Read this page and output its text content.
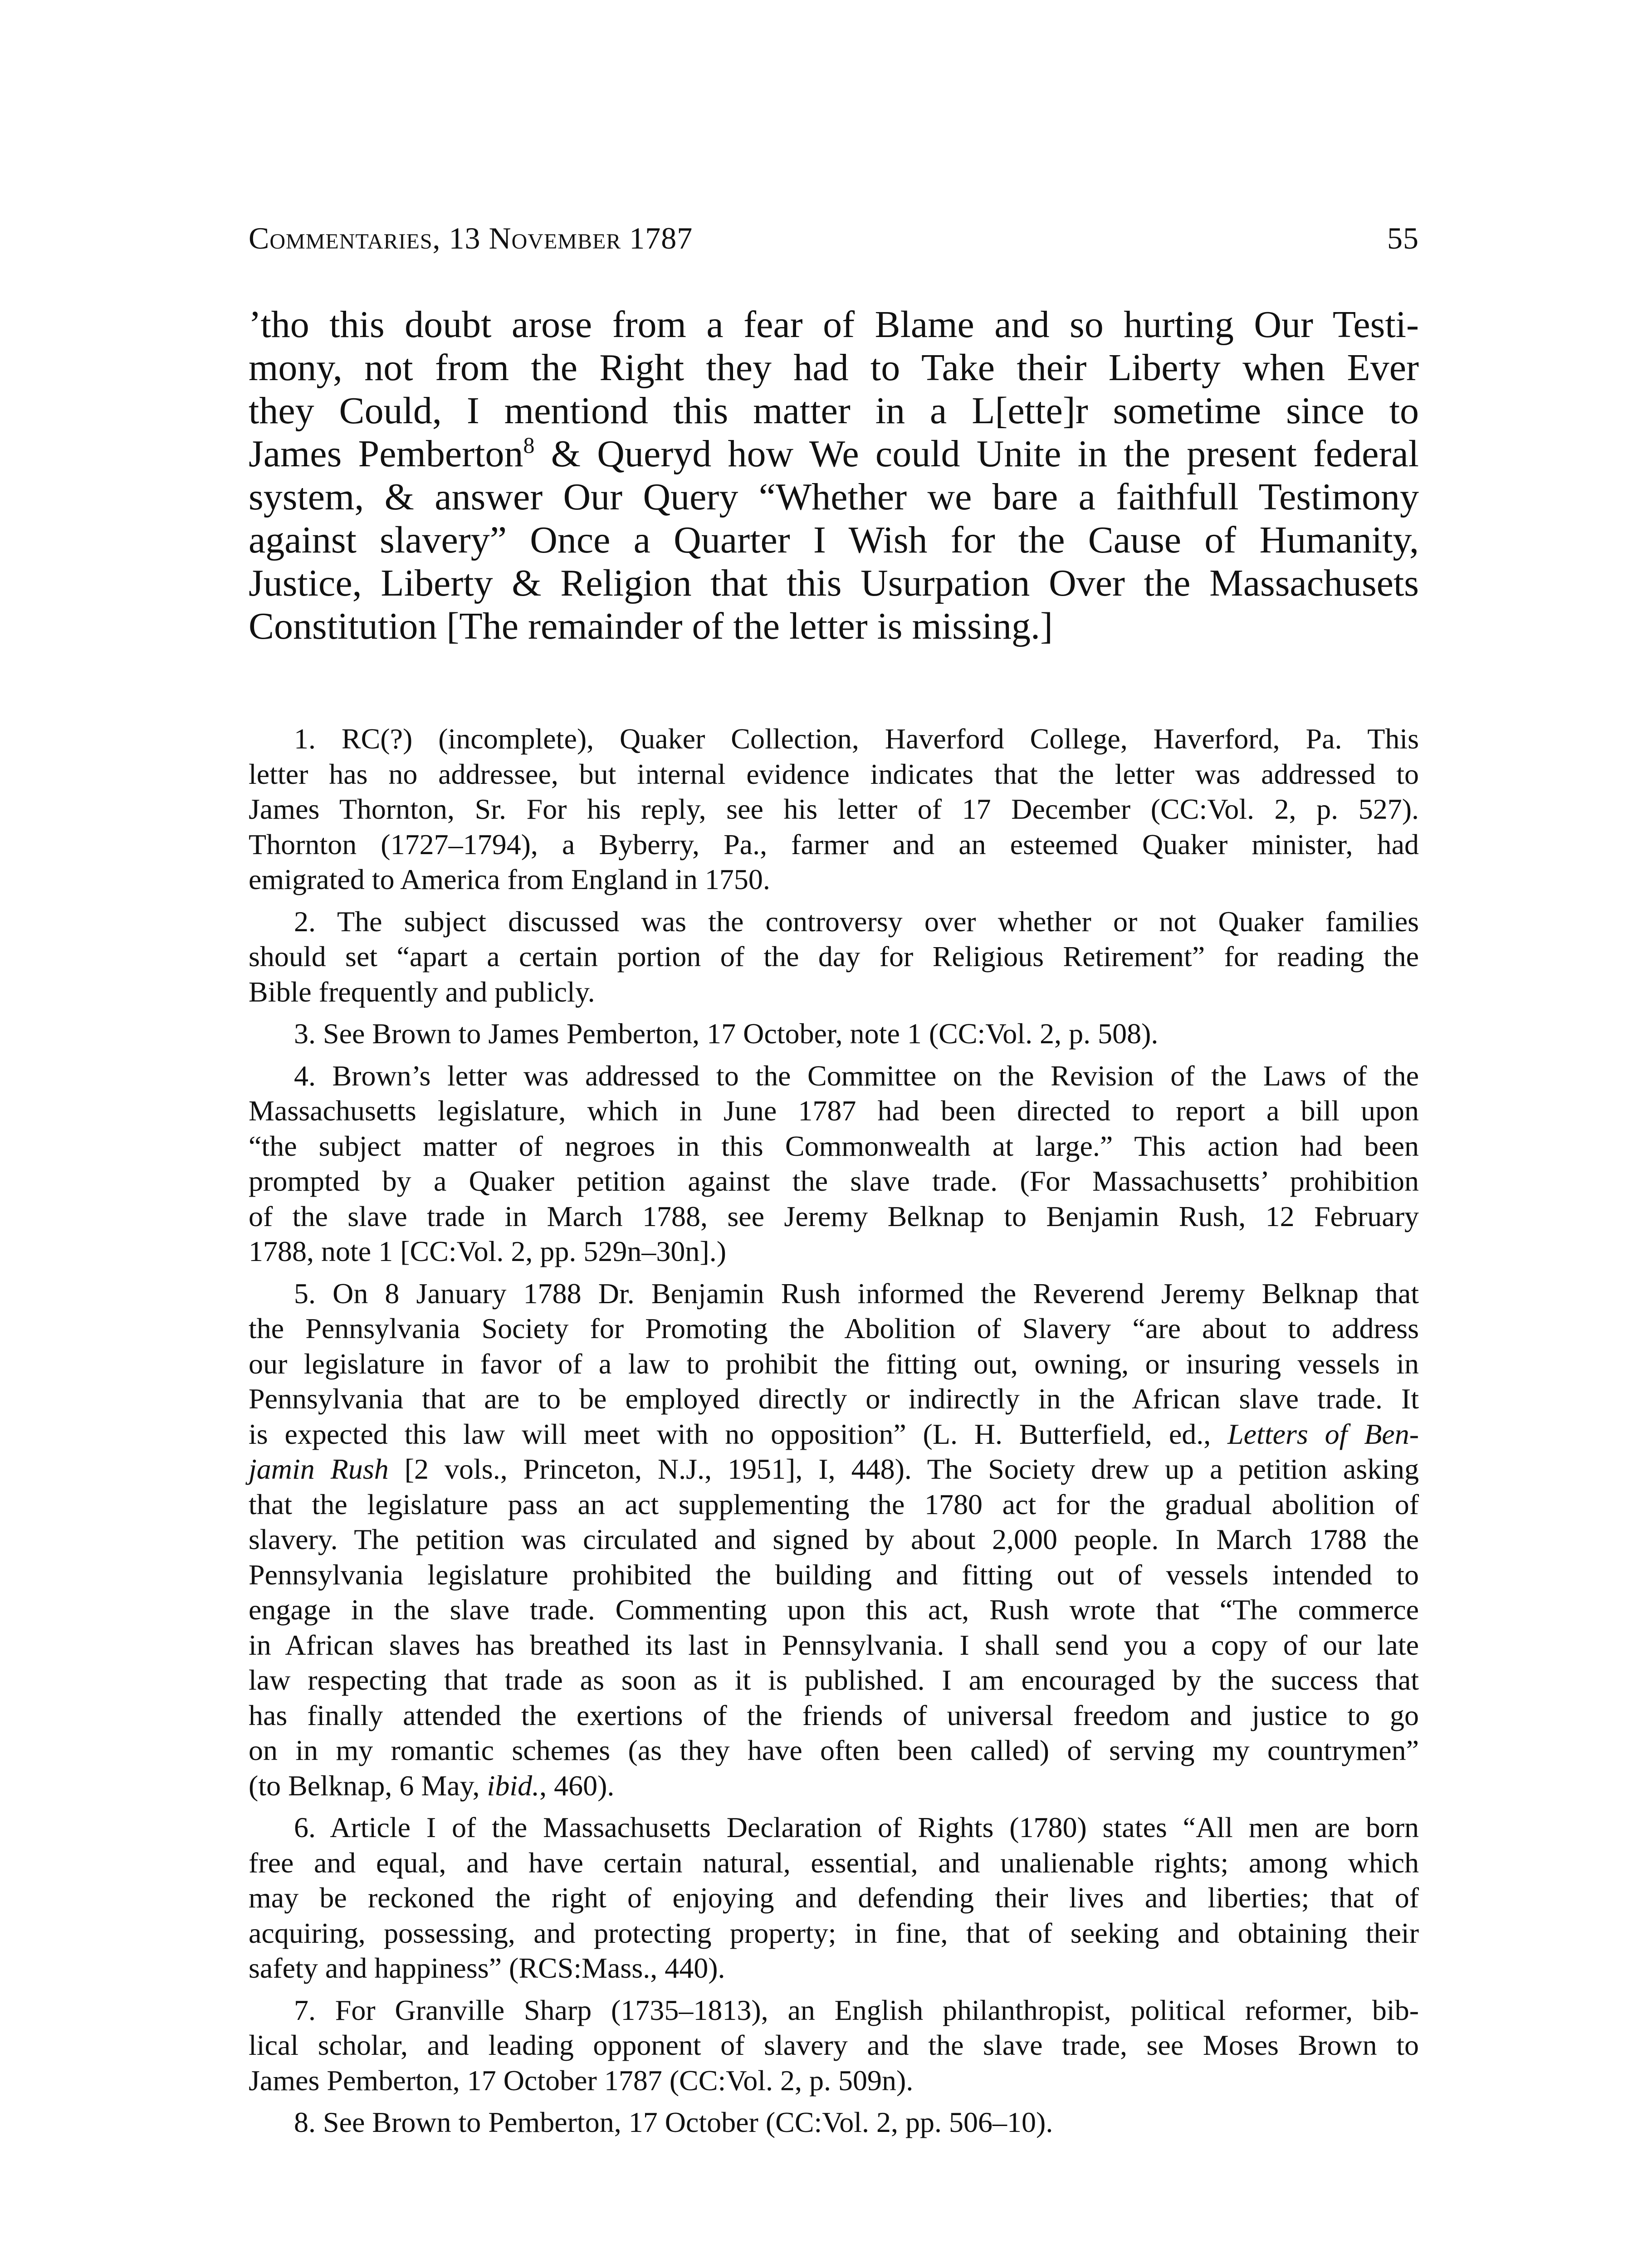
Commentaries, 13 November 1787	55
’tho this doubt arose from a fear of Blame and so hurting Our Testi-
mony, not from the Right they had to Take their Liberty when Ever
they Could, I mentiond this matter in a L[ette]r sometime since to
James Pemberton$^8$ & Queryd how We could Unite in the present federal
system, & answer Our Query “Whether we bare a faithfull Testimony
against slavery” Once a Quarter I Wish for the Cause of Humanity,
Justice, Liberty & Religion that this Usurpation Over the Massachusets
Constitution [The remainder of the letter is missing.]
1. RC(?) (incomplete), Quaker Collection, Haverford College, Haverford, Pa. This
letter has no addressee, but internal evidence indicates that the letter was addressed to
James Thornton, Sr. For his reply, see his letter of 17 December (CC:Vol. 2, p. 527).
Thornton (1727–1794), a Byberry, Pa., farmer and an esteemed Quaker minister, had
emigrated to America from England in 1750.
2. The subject discussed was the controversy over whether or not Quaker families
should set “apart a certain portion of the day for Religious Retirement” for reading the
Bible frequently and publicly.
3. See Brown to James Pemberton, 17 October, note 1 (CC:Vol. 2, p. 508).
4. Brown’s letter was addressed to the Committee on the Revision of the Laws of the
Massachusetts legislature, which in June 1787 had been directed to report a bill upon
“the subject matter of negroes in this Commonwealth at large.” This action had been
prompted by a Quaker petition against the slave trade. (For Massachusetts’ prohibition
of the slave trade in March 1788, see Jeremy Belknap to Benjamin Rush, 12 February
1788, note 1 [CC:Vol. 2, pp. 529n–30n].)
5. On 8 January 1788 Dr. Benjamin Rush informed the Reverend Jeremy Belknap that
the Pennsylvania Society for Promoting the Abolition of Slavery “are about to address
our legislature in favor of a law to prohibit the fitting out, owning, or insuring vessels in
Pennsylvania that are to be employed directly or indirectly in the African slave trade. It
is expected this law will meet with no opposition” (L. H. Butterfield, ed., Letters of Ben-
jamin Rush [2 vols., Princeton, N.J., 1951], I, 448). The Society drew up a petition asking
that the legislature pass an act supplementing the 1780 act for the gradual abolition of
slavery. The petition was circulated and signed by about 2,000 people. In March 1788 the
Pennsylvania legislature prohibited the building and fitting out of vessels intended to
engage in the slave trade. Commenting upon this act, Rush wrote that “The commerce
in African slaves has breathed its last in Pennsylvania. I shall send you a copy of our late
law respecting that trade as soon as it is published. I am encouraged by the success that
has finally attended the exertions of the friends of universal freedom and justice to go
on in my romantic schemes (as they have often been called) of serving my countrymen”
(to Belknap, 6 May, ibid., 460).
6. Article I of the Massachusetts Declaration of Rights (1780) states “All men are born
free and equal, and have certain natural, essential, and unalienable rights; among which
may be reckoned the right of enjoying and defending their lives and liberties; that of
acquiring, possessing, and protecting property; in fine, that of seeking and obtaining their
safety and happiness” (RCS:Mass., 440).
7. For Granville Sharp (1735–1813), an English philanthropist, political reformer, bib-
lical scholar, and leading opponent of slavery and the slave trade, see Moses Brown to
James Pemberton, 17 October 1787 (CC:Vol. 2, p. 509n).
8. See Brown to Pemberton, 17 October (CC:Vol. 2, pp. 506–10).
